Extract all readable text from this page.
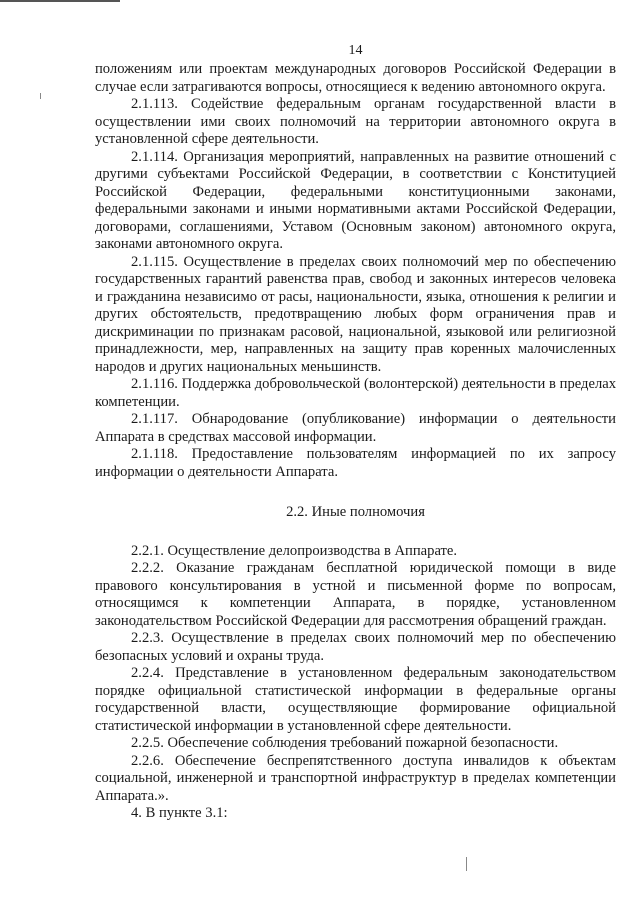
14

положениям или проектам международных договоров Российской Федерации в случае если затрагиваются вопросы, относящиеся к ведению автономного округа.

2.1.113. Содействие федеральным органам государственной власти в осуществлении ими своих полномочий на территории автономного округа в установленной сфере деятельности.

2.1.114. Организация мероприятий, направленных на развитие отношений с другими субъектами Российской Федерации, в соответствии с Конституцией Российской Федерации, федеральными конституционными законами, федеральными законами и иными нормативными актами Российской Федерации, договорами, соглашениями, Уставом (Основным законом) автономного округа, законами автономного округа.

2.1.115. Осуществление в пределах своих полномочий мер по обеспечению государственных гарантий равенства прав, свобод и законных интересов человека и гражданина независимо от расы, национальности, языка, отношения к религии и других обстоятельств, предотвращению любых форм ограничения прав и дискриминации по признакам расовой, национальной, языковой или религиозной принадлежности, мер, направленных на защиту прав коренных малочисленных народов и других национальных меньшинств.

2.1.116. Поддержка добровольческой (волонтерской) деятельности в пределах компетенции.

2.1.117. Обнародование (опубликование) информации о деятельности Аппарата в средствах массовой информации.

2.1.118. Предоставление пользователям информацией по их запросу информации о деятельности Аппарата.

2.2. Иные полномочия

2.2.1. Осуществление делопроизводства в Аппарате.

2.2.2. Оказание гражданам бесплатной юридической помощи в виде правового консультирования в устной и письменной форме по вопросам, относящимся к компетенции Аппарата, в порядке, установленном законодательством Российской Федерации для рассмотрения обращений граждан.

2.2.3. Осуществление в пределах своих полномочий мер по обеспечению безопасных условий и охраны труда.

2.2.4. Представление в установленном федеральным законодательством порядке официальной статистической информации в федеральные органы государственной власти, осуществляющие формирование официальной статистической информации в установленной сфере деятельности.

2.2.5. Обеспечение соблюдения требований пожарной безопасности.

2.2.6. Обеспечение беспрепятственного доступа инвалидов к объектам социальной, инженерной и транспортной инфраструктур в пределах компетенции Аппарата.».

4. В пункте 3.1:
